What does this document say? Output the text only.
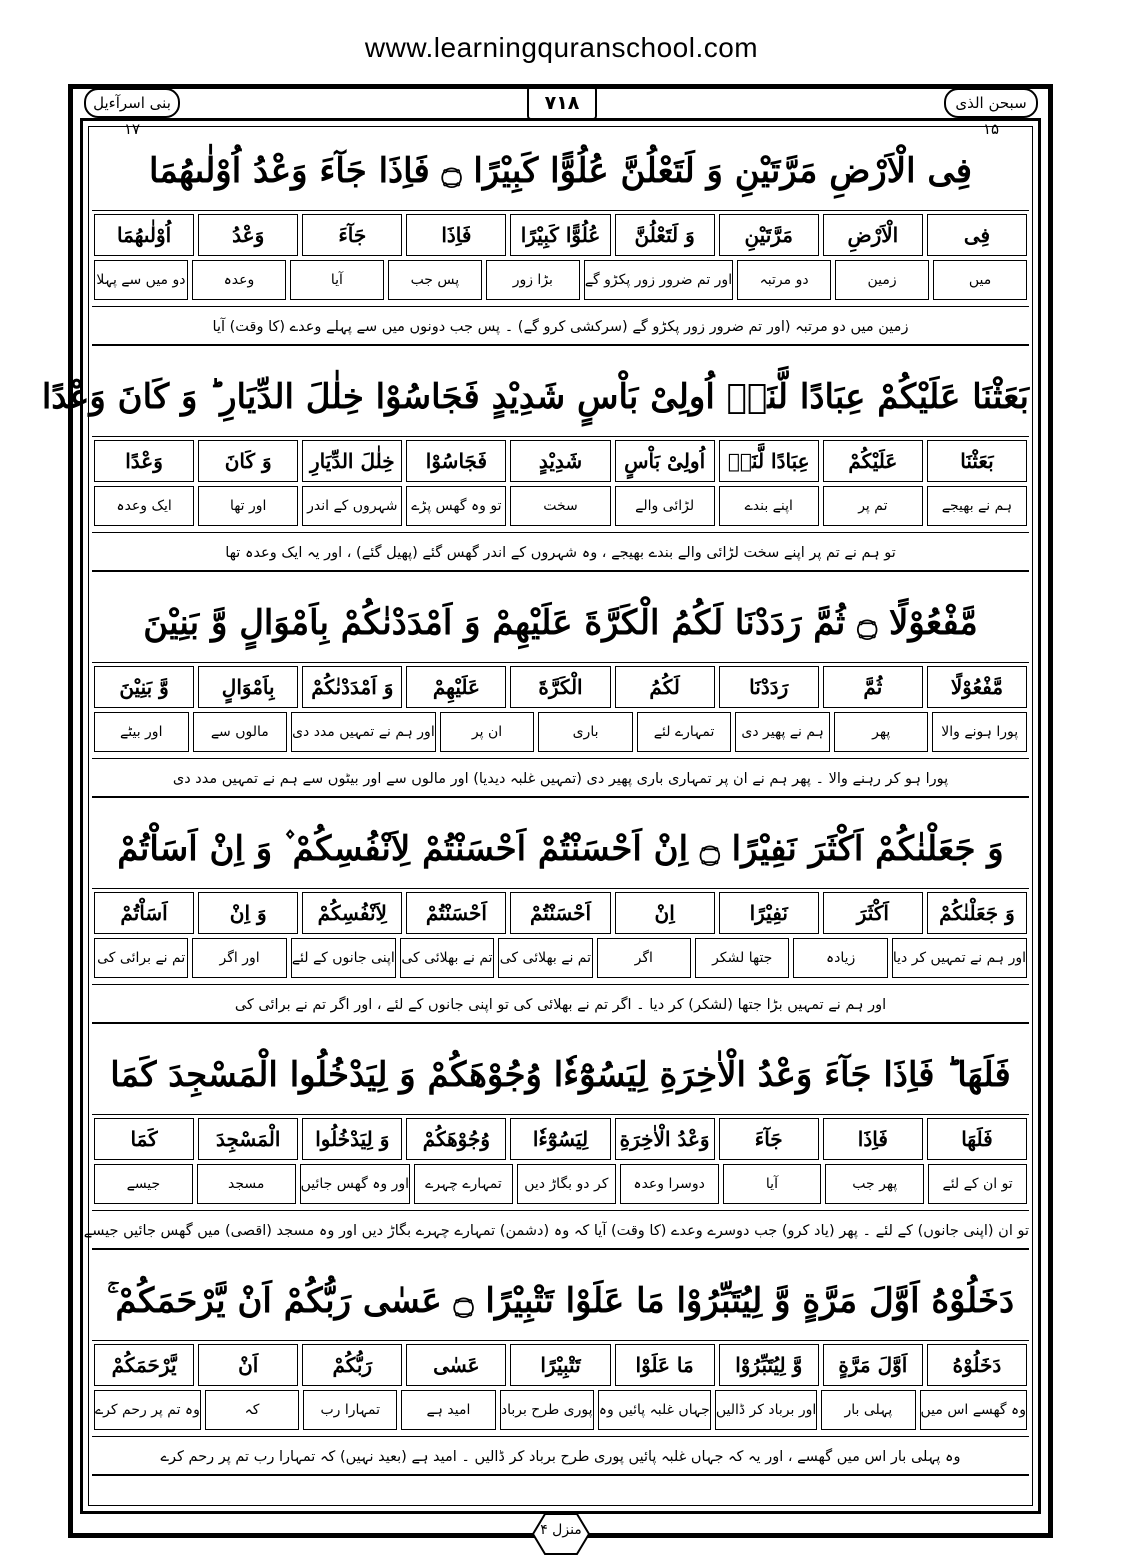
www.learningquranschool.com
بنی اسرآءیل ۱۷
۷۱۸	سبحن الذی ۱۵
فِی الْاَرْضِ مَرَّتَیْنِ وَ لَتَعْلُنَّ عُلُوًّا كَبِیْرًا ۝ فَاِذَا جَآءَ وَعْدُ اُوْلٰىهُمَا
فِی
الْاَرْضِ
مَرَّتَیْنِ
وَ لَتَعْلُنَّ
عُلُوًّا كَبِیْرًا
فَاِذَا
جَآءَ
وَعْدُ
اُوْلٰىهُمَا
میں
زمین
دو مرتبہ
اور تم ضرور زور پکڑو گے
بڑا زور
پس جب
آیا
وعدہ
دو میں سے پہلا
زمین میں دو مرتبہ (اور تم ضرور زور پکڑو گے (سرکشی کرو گے) ۔ پس جب دونوں میں سے پہلے وعدے (کا وقت) آیا
بَعَثْنَا عَلَیْكُمْ عِبَادًا لَّنَاۤ اُولِیْ بَاْسٍ شَدِیْدٍ فَجَاسُوْا خِلٰلَ الدِّیَارِ ؕ وَ كَانَ وَعْدًا
بَعَثْنَا
عَلَیْكُمْ
عِبَادًا لَّنَاۤ
اُولِیْ بَاْسٍ
شَدِیْدٍ
فَجَاسُوْا
خِلٰلَ الدِّیَارِ
وَ كَانَ
وَعْدًا
ہم نے بھیجے
تم پر
اپنے بندے
لڑائی والے
سخت
تو وہ گھس پڑے
شہروں کے اندر
اور تھا
ایک وعدہ
تو ہم نے تم پر اپنے سخت لڑائی والے بندے بھیجے ، وہ شہروں کے اندر گھس گئے (پھیل گئے) ، اور یہ ایک وعدہ تھا
مَّفْعُوْلًا ۝ ثُمَّ رَدَدْنَا لَكُمُ الْكَرَّةَ عَلَیْهِمْ وَ اَمْدَدْنٰكُمْ بِاَمْوَالٍ وَّ بَنِیْنَ
مَّفْعُوْلًا
ثُمَّ
رَدَدْنَا
لَكُمُ
الْكَرَّةَ
عَلَیْهِمْ
وَ اَمْدَدْنٰكُمْ
بِاَمْوَالٍ
وَّ بَنِیْنَ
پورا ہونے والا
پھر
ہم نے پھیر دی
تمہارے لئے
باری
ان پر
اور ہم نے تمہیں مدد دی
مالوں سے
اور بیٹے
پورا ہو کر رہنے والا ۔ پھر ہم نے ان پر تمہاری باری پھیر دی (تمہیں غلبہ دیدیا) اور مالوں سے اور بیٹوں سے ہم نے تمہیں مدد دی
وَ جَعَلْنٰكُمْ اَكْثَرَ نَفِیْرًا ۝ اِنْ اَحْسَنْتُمْ اَحْسَنْتُمْ لِاَنْفُسِكُمْ ۫ وَ اِنْ اَسَاْتُمْ
وَ جَعَلْنٰكُمْ
اَكْثَرَ
نَفِیْرًا
اِنْ
اَحْسَنْتُمْ
اَحْسَنْتُمْ
لِاَنْفُسِكُمْ
وَ اِنْ
اَسَاْتُمْ
اور ہم نے تمہیں کر دیا
زیادہ
جتھا لشکر
اگر
تم نے بھلائی کی
تم نے بھلائی کی
اپنی جانوں کے لئے
اور اگر
تم نے برائی کی
اور ہم نے تمہیں بڑا جتھا (لشکر) کر دیا ۔ اگر تم نے بھلائی کی تو اپنی جانوں کے لئے ، اور اگر تم نے برائی کی
فَلَهَا ؕ فَاِذَا جَآءَ وَعْدُ الْاٰخِرَةِ لِیَسُوْٓءٗا وُجُوْهَكُمْ وَ لِیَدْخُلُوا الْمَسْجِدَ كَمَا
فَلَهَا
فَاِذَا
جَآءَ
وَعْدُ الْاٰخِرَةِ
لِیَسُوْٓءٗا
وُجُوْهَكُمْ
وَ لِیَدْخُلُوا
الْمَسْجِدَ
كَمَا
تو ان کے لئے
پھر جب
آیا
دوسرا وعدہ
کر دو بگاڑ دیں
تمہارے چہرے
اور وہ گھس جائیں
مسجد
جیسے
تو ان (اپنی جانوں) کے لئے ۔ پھر (یاد کرو) جب دوسرے وعدے (کا وقت) آیا کہ وہ (دشمن) تمہارے چہرے بگاڑ دیں اور وہ مسجد (اقصی) میں گھس جائیں جیسے
دَخَلُوْهُ اَوَّلَ مَرَّةٍ وَّ لِیُتَبِّرُوْا مَا عَلَوْا تَتْبِیْرًا ۝ عَسٰى رَبُّكُمْ اَنْ یَّرْحَمَكُمْ ۚ
دَخَلُوْهُ
اَوَّلَ مَرَّةٍ
وَّ لِیُتَبِّرُوْا
مَا عَلَوْا
تَتْبِیْرًا
عَسٰى
رَبُّكُمْ
اَنْ
یَّرْحَمَكُمْ
وہ گھسے اس میں
پہلی بار
اور برباد کر ڈالیں
جہاں غلبہ پائیں وہ
پوری طرح برباد
امید ہے
تمہارا رب
کہ
وہ تم پر رحم کرے
وہ پہلی بار اس میں گھسے ، اور یہ کہ جہاں غلبہ پائیں پوری طرح برباد کر ڈالیں ۔ امید ہے (بعید نہیں) کہ تمہارا رب تم پر رحم کرے
منزل ۴
